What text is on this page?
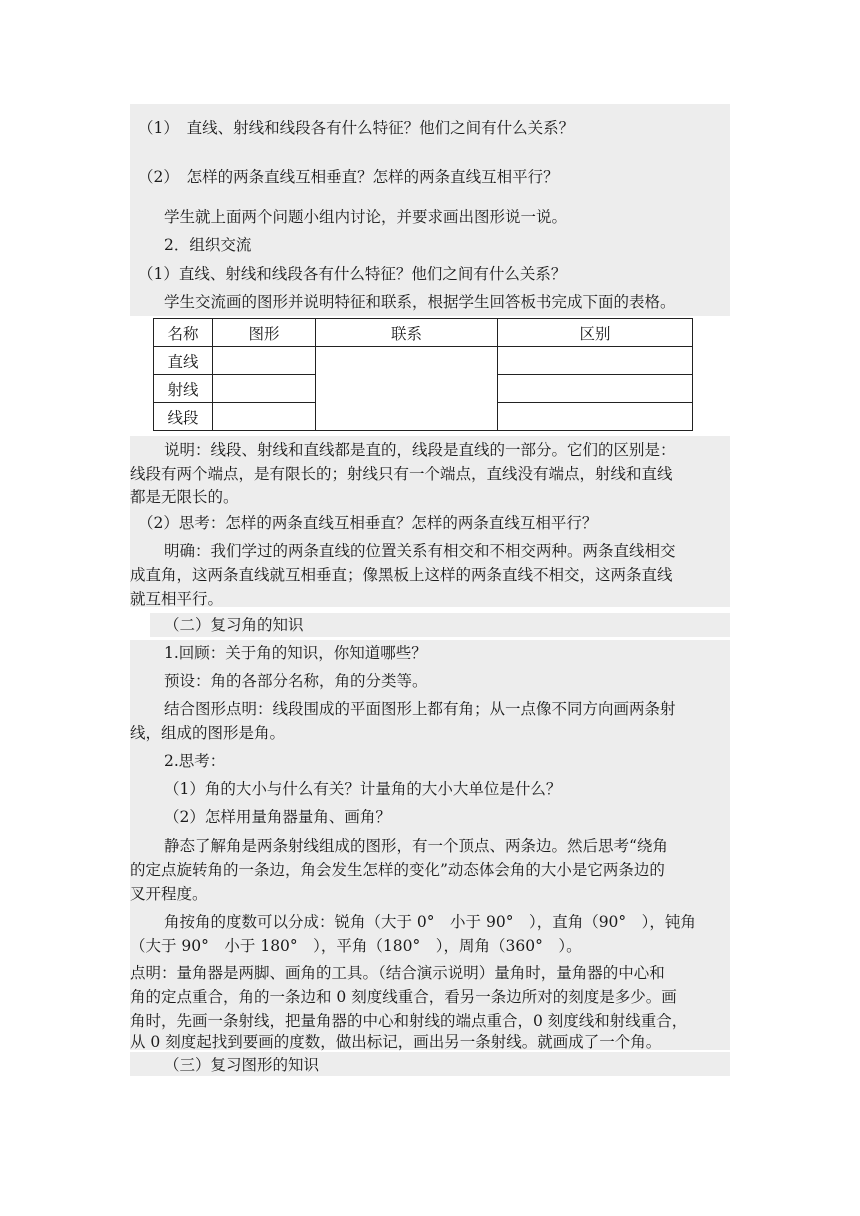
（1）　直线、射线和线段各有什么特征？他们之间有什么关系？
（2）　怎样的两条直线互相垂直？怎样的两条直线互相平行？
学生就上面两个问题小组内讨论，并要求画出图形说一说。
2．组织交流
（1）直线、射线和线段各有什么特征？他们之间有什么关系？
学生交流画的图形并说明特征和联系，根据学生回答板书完成下面的表格。
名称	图形	联系	区别
直线			
射线			
线段			
说明：线段、射线和直线都是直的，线段是直线的一部分。它们的区别是：
线段有两个端点，是有限长的；射线只有一个端点，直线没有端点，射线和直线
都是无限长的。
（2）思考：怎样的两条直线互相垂直？怎样的两条直线互相平行？
明确：我们学过的两条直线的位置关系有相交和不相交两种。两条直线相交
成直角，这两条直线就互相垂直；像黑板上这样的两条直线不相交，这两条直线
就互相平行。
（二）复习角的知识
1.回顾：关于角的知识，你知道哪些？
预设：角的各部分名称，角的分类等。
结合图形点明：线段围成的平面图形上都有角；从一点像不同方向画两条射
线，组成的图形是角。
2.思考：
（1）角的大小与什么有关？计量角的大小大单位是什么？
（2）怎样用量角器量角、画角？
静态了解角是两条射线组成的图形，有一个顶点、两条边。然后思考“绕角
的定点旋转角的一条边，角会发生怎样的变化”动态体会角的大小是它两条边的
叉开程度。
角按角的度数可以分成：锐角（大于 0°　小于 90°　），直角（90°　），钝角
（大于 90°　小于 180°　），平角（180°　），周角（360°　）。
点明：量角器是两脚、画角的工具。（结合演示说明）量角时，量角器的中心和
角的定点重合，角的一条边和 0 刻度线重合，看另一条边所对的刻度是多少。画
角时，先画一条射线，把量角器的中心和射线的端点重合，0 刻度线和射线重合，
从 0 刻度起找到要画的度数，做出标记，画出另一条射线。就画成了一个角。
（三）复习图形的知识
